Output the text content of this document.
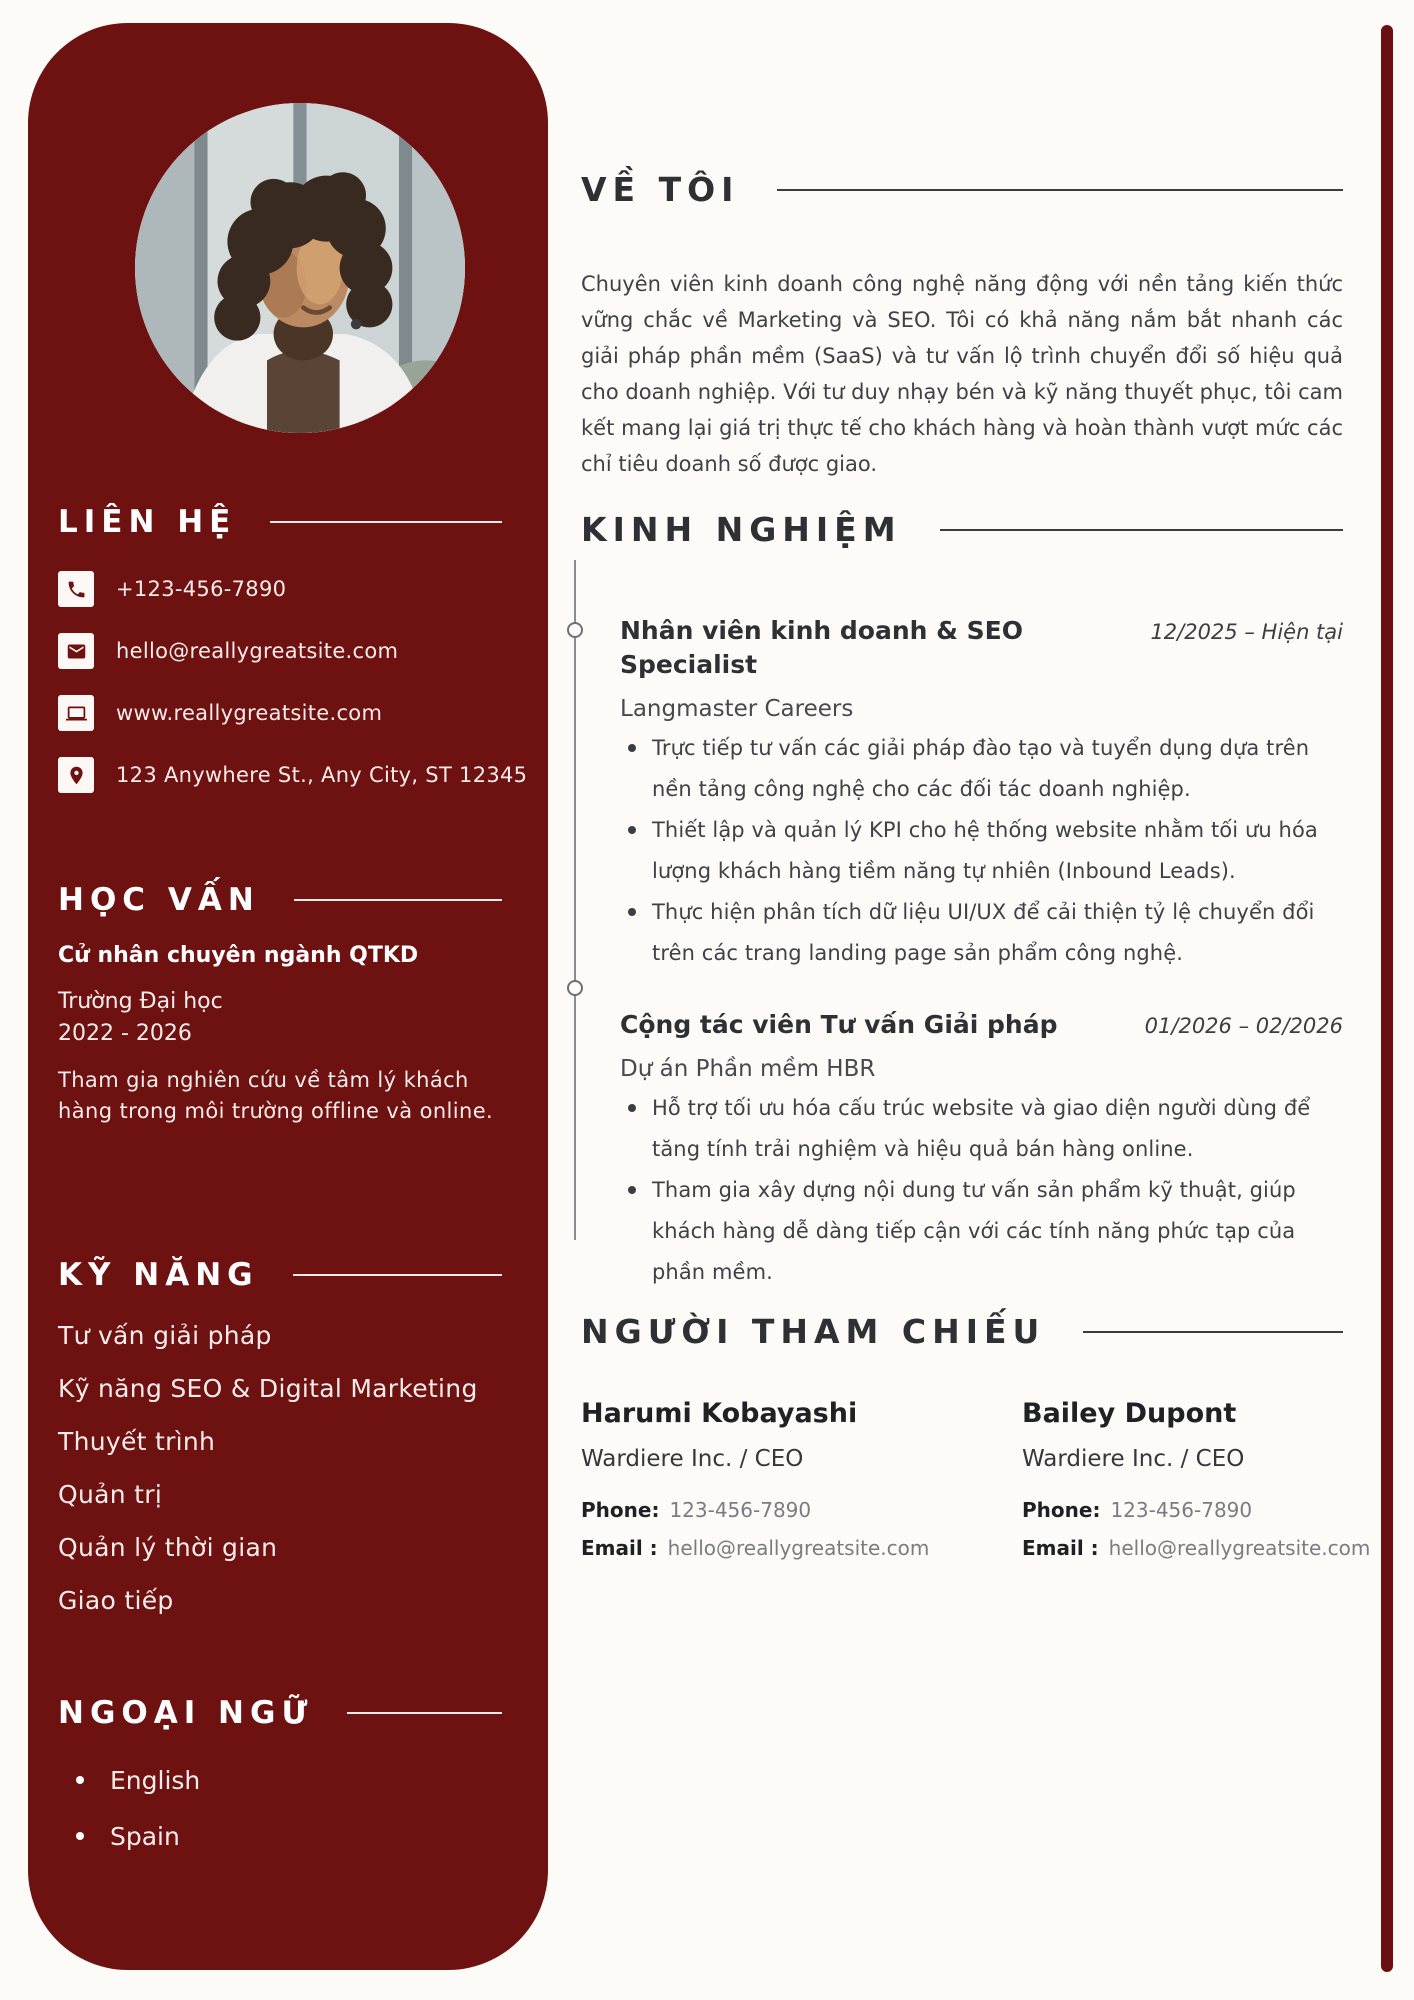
LIÊN HỆ
+123-456-7890
hello@reallygreatsite.com
www.reallygreatsite.com
123 Anywhere St., Any City, ST 12345
HỌC VẤN
Cử nhân chuyên ngành QTKD
Trường Đại học
2022 - 2026
Tham gia nghiên cứu về tâm lý khách hàng trong môi trường offline và online.
KỸ NĂNG
Tư vấn giải pháp
Kỹ năng SEO & Digital Marketing
Thuyết trình
Quản trị
Quản lý thời gian
Giao tiếp
NGOẠI NGỮ
English
Spain
VỀ TÔI

Chuyên viên kinh doanh công nghệ năng động với nền tảng kiến thức vững chắc về Marketing và SEO. Tôi có khả năng nắm bắt nhanh các giải pháp phần mềm (SaaS) và tư vấn lộ trình chuyển đổi số hiệu quả cho doanh nghiệp. Với tư duy nhạy bén và kỹ năng thuyết phục, tôi cam kết mang lại giá trị thực tế cho khách hàng và hoàn thành vượt mức các chỉ tiêu doanh số được giao.

KINH NGHIỆM
Nhân viên kinh doanh & SEO Specialist
12/2025 – Hiện tại
Langmaster Careers
Trực tiếp tư vấn các giải pháp đào tạo và tuyển dụng dựa trên nền tảng công nghệ cho các đối tác doanh nghiệp.
Thiết lập và quản lý KPI cho hệ thống website nhằm tối ưu hóa lượng khách hàng tiềm năng tự nhiên (Inbound Leads).
Thực hiện phân tích dữ liệu UI/UX để cải thiện tỷ lệ chuyển đổi trên các trang landing page sản phẩm công nghệ.
Cộng tác viên Tư vấn Giải pháp	01/2026 – 02/2026
Dự án Phần mềm HBR
Hỗ trợ tối ưu hóa cấu trúc website và giao diện người dùng để tăng tính trải nghiệm và hiệu quả bán hàng online.
Tham gia xây dựng nội dung tư vấn sản phẩm kỹ thuật, giúp khách hàng dễ dàng tiếp cận với các tính năng phức tạp của phần mềm.
NGƯỜI THAM CHIẾU
Harumi Kobayashi
Wardiere Inc. / CEO
Phone: 123-456-7890
Email : hello@reallygreatsite.com
Bailey Dupont
Wardiere Inc. / CEO
Phone: 123-456-7890
Email : hello@reallygreatsite.com
